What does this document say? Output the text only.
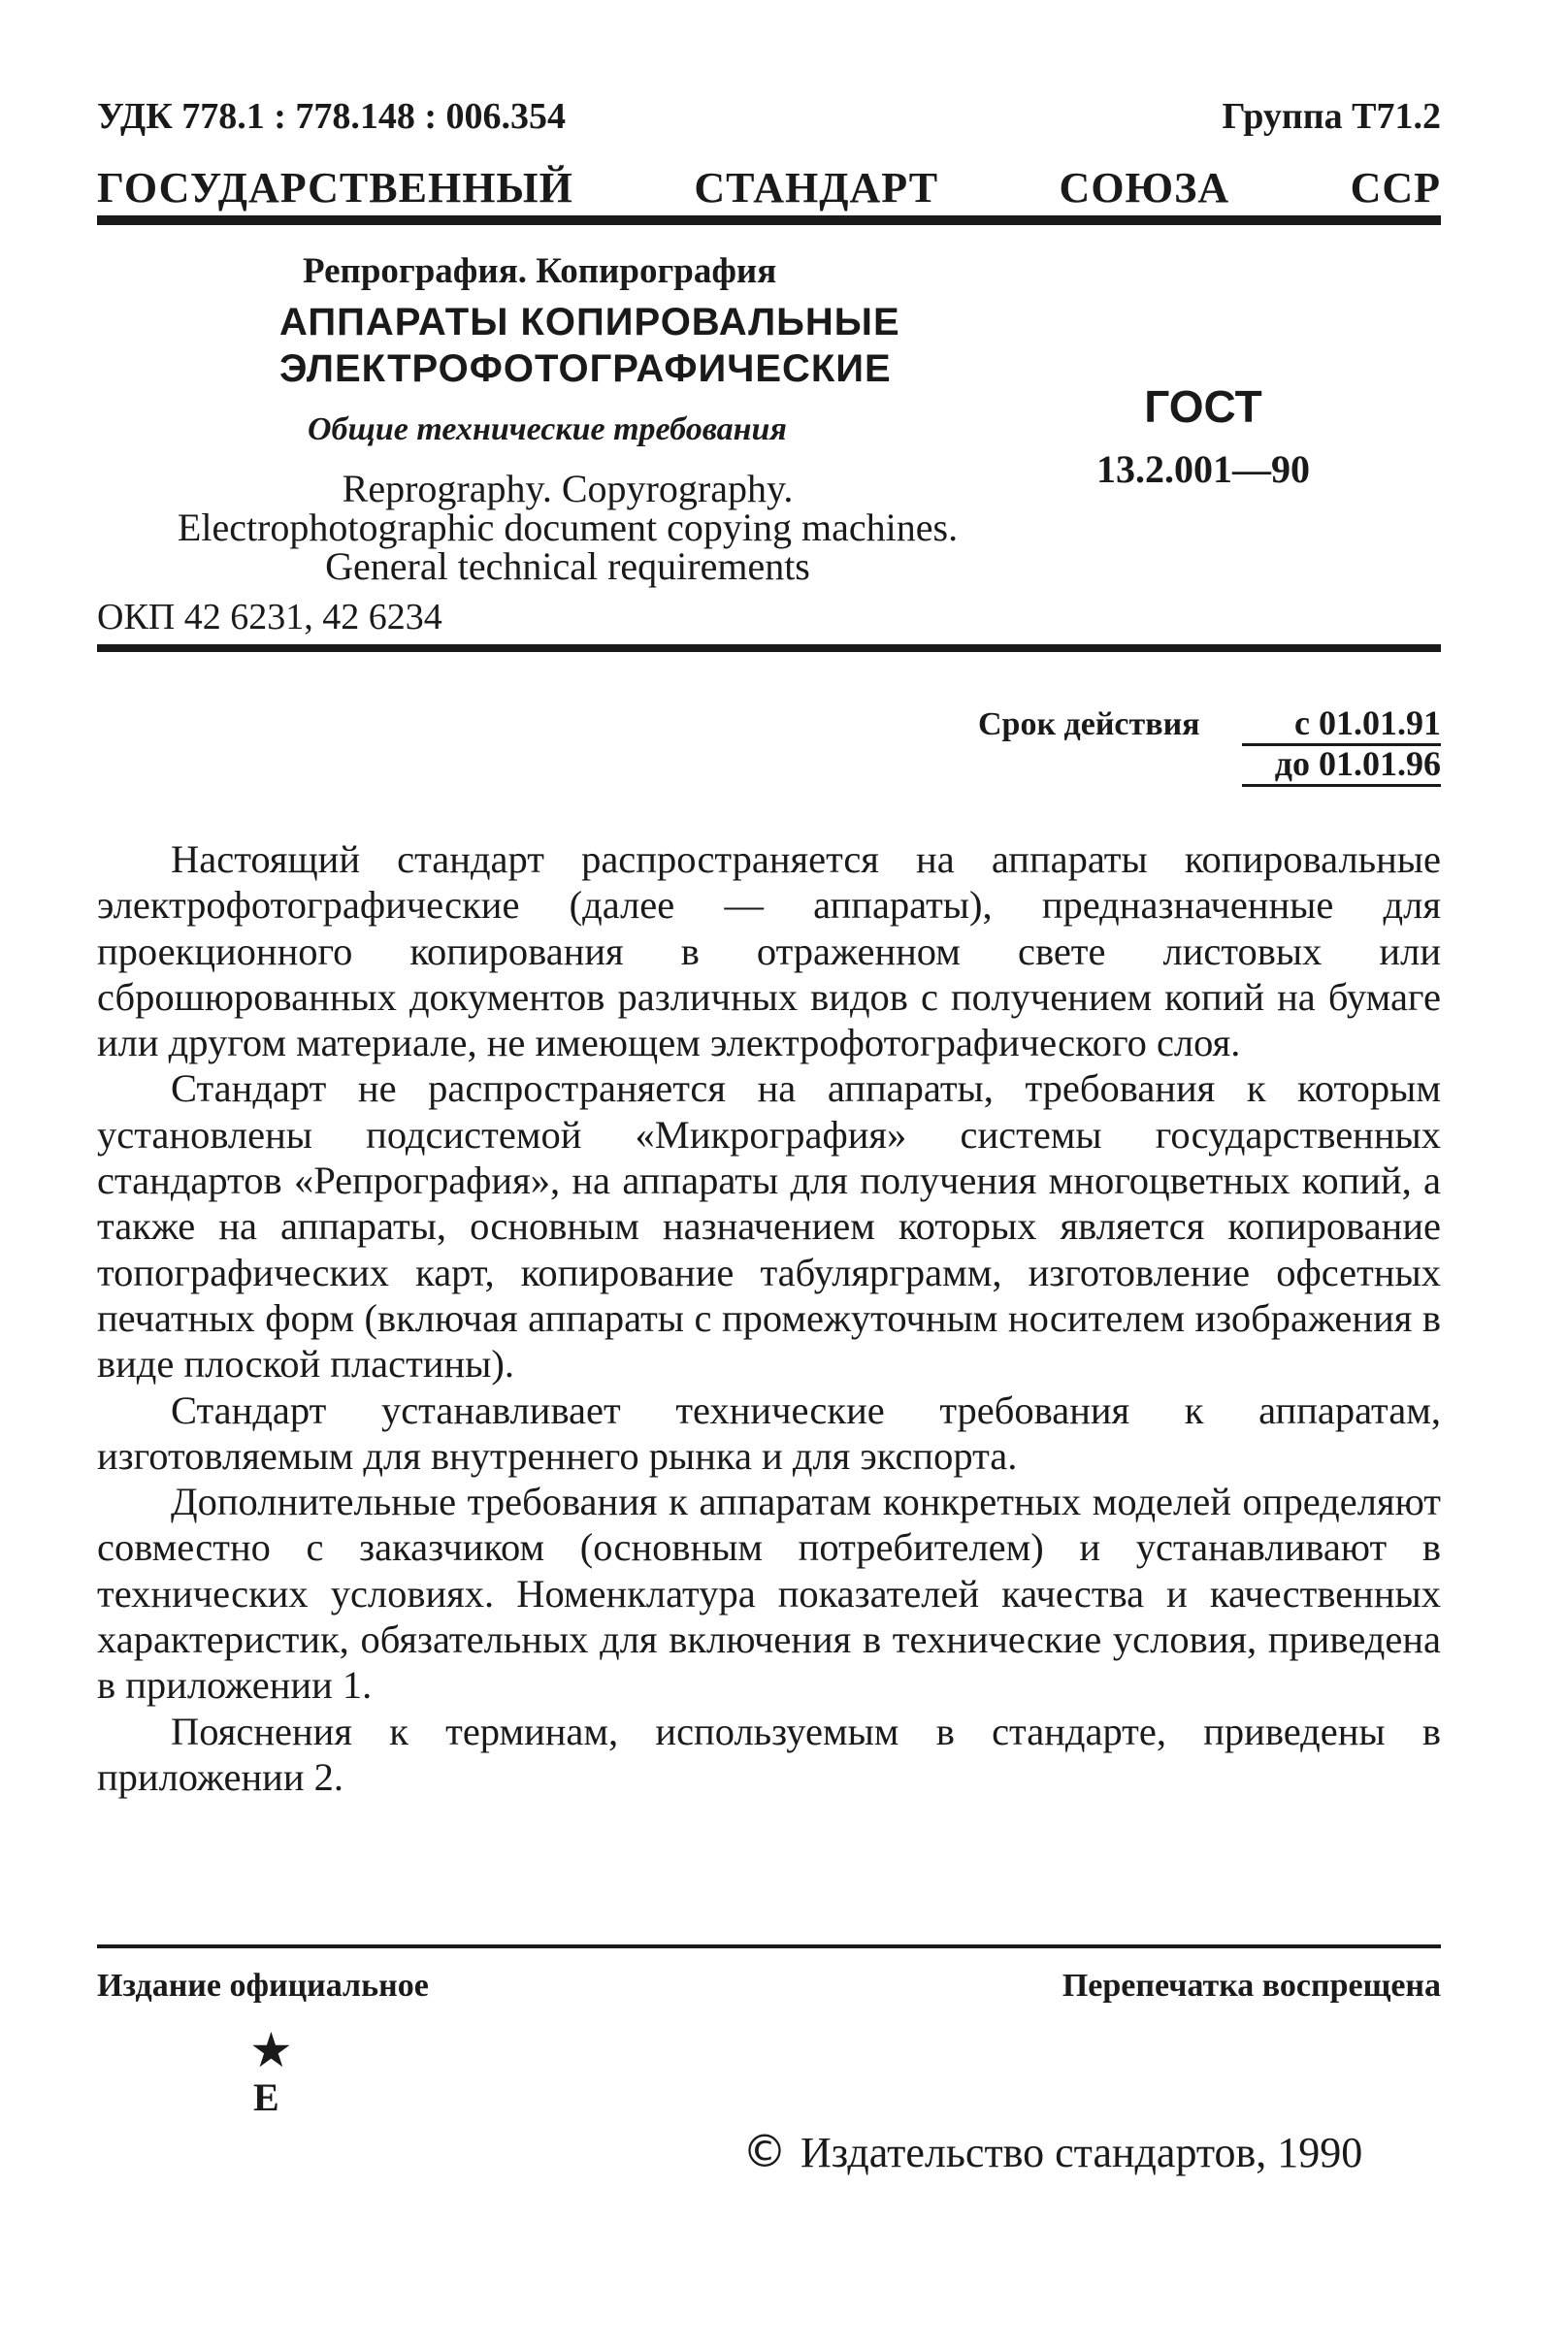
УДК 778.1 : 778.148 : 006.354	Группа Т71.2
ГОСУДАРСТВЕННЫЙ СТАНДАРТ СОЮЗА ССР
Репрография. Копирография
АППАРАТЫ КОПИРОВАЛЬНЫЕ
ЭЛЕКТРОФОТОГРАФИЧЕСКИЕ
Общие технические требования
Reprography. Copyrography.
Electrophotographic document copying machines.
General technical requirements
ГОСТ
13.2.001—90
ОКП 42 6231, 42 6234
Срок действия	с 01.01.91
до 01.01.96

Настоящий стандарт распространяется на аппараты копировальные электрофотографические (далее — аппараты), предназначенные для проекционного копирования в отраженном свете листовых или сброшюрованных документов различных видов с получением копий на бумаге или другом материале, не имеющем электрофотографического слоя.

Стандарт не распространяется на аппараты, требования к которым установлены подсистемой «Микрография» системы государственных стандартов «Репрография», на аппараты для получения многоцветных копий, а также на аппараты, основным назначением которых является копирование топографических карт, копирование табулярграмм, изготовление офсетных печатных форм (включая аппараты с промежуточным носителем изображения в виде плоской пластины).

Стандарт устанавливает технические требования к аппаратам, изготовляемым для внутреннего рынка и для экспорта.

Дополнительные требования к аппаратам конкретных моделей определяют совместно с заказчиком (основным потребителем) и устанавливают в технических условиях. Номенклатура показателей качества и качественных характеристик, обязательных для включения в технические условия, приведена в приложении 1.

Пояснения к терминам, используемым в стандарте, приведены в приложении 2.

Издание официальное	Перепечатка воспрещена
★
Е
© Издательство стандартов, 1990
